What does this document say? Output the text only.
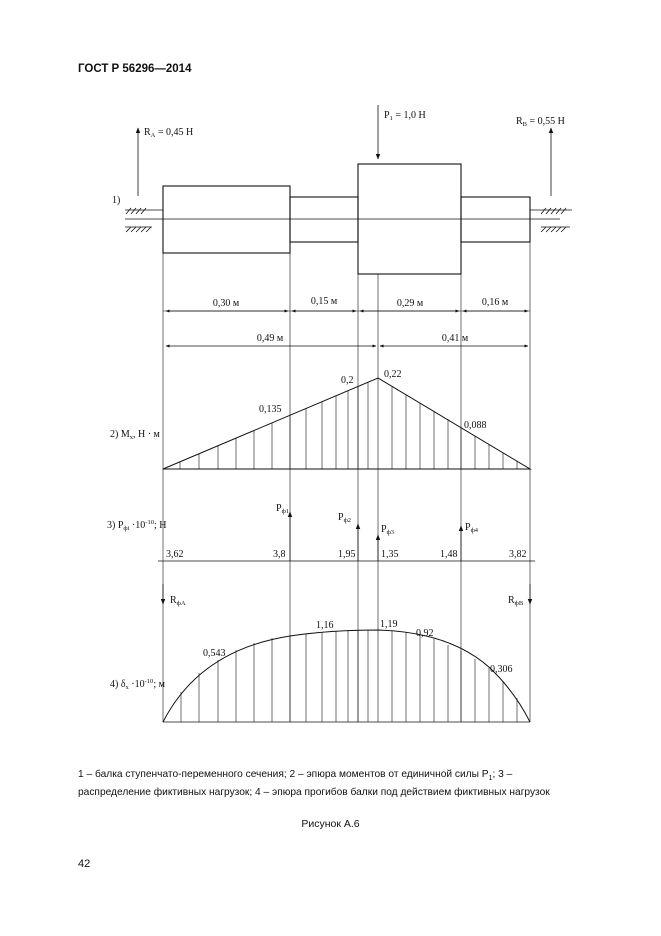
ГОСТ Р 56296—2014
$R_A = 0,45$ Н
$P_1 = 1,0$ Н
$R_B = 0,55$ Н
1)
0,30 м	0,15 м	0,29 м	0,16 м
0,49 м	0,41 м
2) $M_x$, Н · м
0,2
0,22
0,135
0,088
3) $P_{фi} \cdot 10^{-10}$; Н
$P_{ф1}$
$P_{ф2}$
$P_{ф3}$	$P_{ф4}$
3,62	3,8	1,95	1,35	1,48	3,82
$R_{фA}$	$R_{фB}$
4) $\delta_x \cdot 10^{-10}$; м
1,16	1,19
0,543
0,92
0,306
1 – балка ступенчато-переменного сечения; 2 – эпюра моментов от единичной силы $P_1$; 3 –
распределение фиктивных нагрузок; 4 – эпюра прогибов балки под действием фиктивных нагрузок
Рисунок А.6
42
